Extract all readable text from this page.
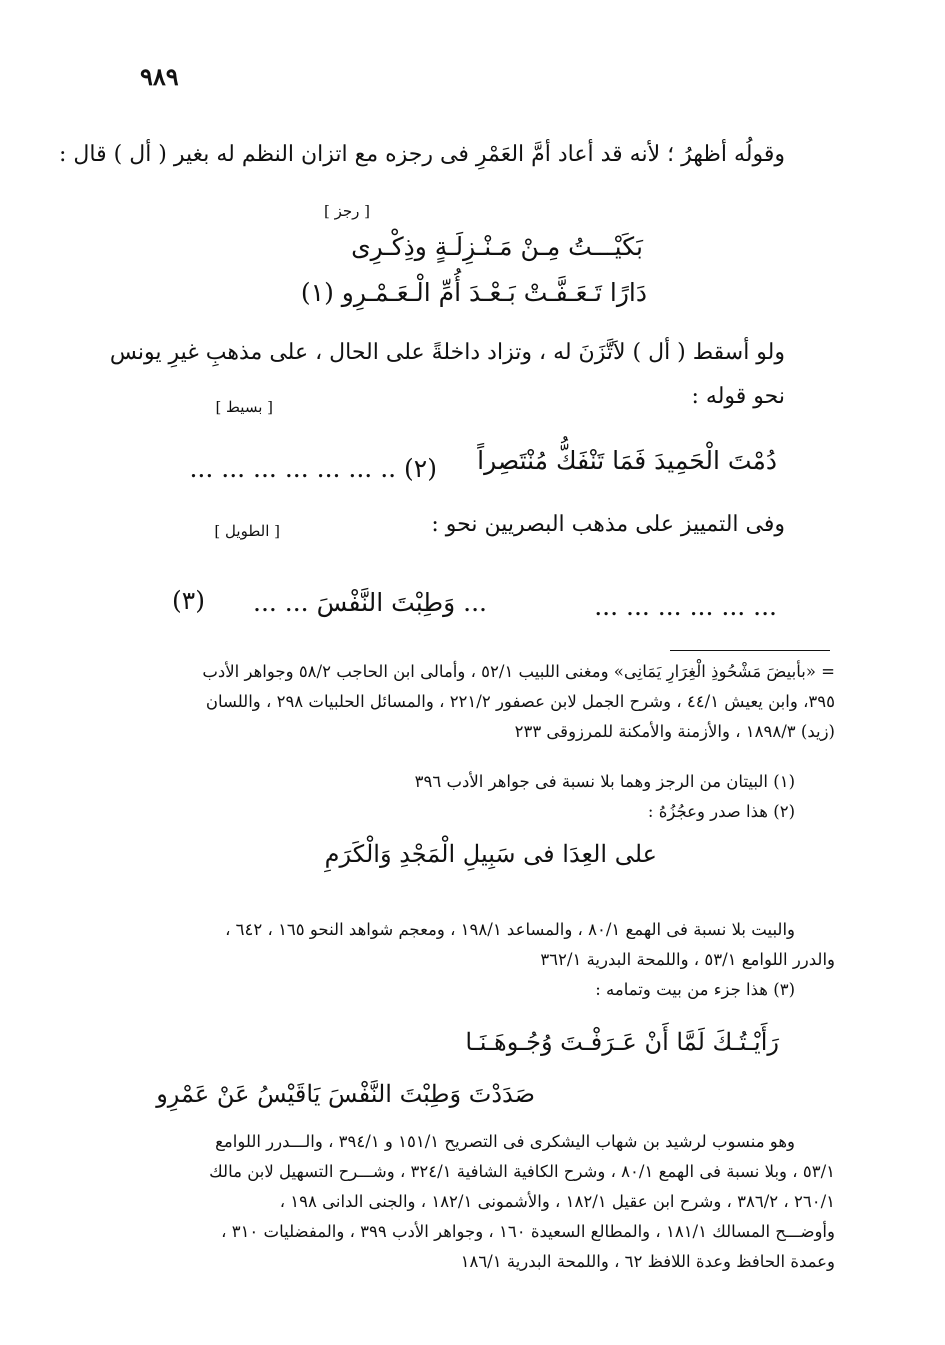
٩٨٩
وقولُه أظهرُ ؛ لأنه قد أعاد أمَّ العَمْرِ فى رجزه مع اتزان النظم له بغير ( أل ) قال :
[ رجز ]
بَكَيْـــتُ مِـنْ مَـنْـزِلَـةٍ وذِكْـرِى
دَارًا تَـعَـفَّـتْ بَـعْـدَ أُمِّ الْـعَـمْـرِو (١)
ولو أسقط ( أل ) لاَتَّزَنَ له ، وتزاد داخلةً على الحال ، على مذهبِ غيرِ يونس
نحو قوله :
[ بسيط ]
دُمْتَ الْحَمِيدَ فَمَا تَنْفَكُّ مُنْتَصِراً
(٢) .. ... ... ... ... ... ...
وفى التمييز على مذهب البصريين نحو :
[ الطويل ]
... وَطِبْتَ النَّفْسَ ... ...	... ... ... ... ... ...
(٣)
= «بأبيضَ مَشْحُوذِ الْغِرَارِ يَمَانِى» ومغنى اللبيب ٥٢/١ ، وأمالى ابن الحاجب ٥٨/٢ وجواهر الأدب
٣٩٥، وابن يعيش ٤٤/١ ، وشرح الجمل لابن عصفور ٢٢١/٢ ، والمسائل الحلبيات ٢٩٨ ، واللسان
(زيد) ١٨٩٨/٣ ، والأزمنة والأمكنة للمرزوقى ٢٣٣
(١) البيتان من الرجز وهما بلا نسبة فى جواهر الأدب ٣٩٦
(٢) هذا صدر وعجُزُهُ :
على العِدَا فى سَبِيلِ الْمَجْدِ وَالْكَرَمِ
والبيت بلا نسبة فى الهمع ٨٠/١ ، والمساعد ١٩٨/١ ، ومعجم شواهد النحو ١٦٥ ، ٦٤٢ ،
والدرر اللوامع ٥٣/١ ، واللمحة البدرية ٣٦٢/١
(٣) هذا جزء من بيت وتمامه :
رَأَيْـتُـكَ لَمَّا أَنْ عَـرَفْـتَ وُجُـوهَـنَـا
صَدَدْتَ وَطِبْتَ النَّفْسَ يَاقَيْسُ عَنْ عَمْرِو
وهو منسوب لرشيد بن شهاب اليشكرى فى التصريح ١٥١/١ و ٣٩٤/١ ، والـــدرر اللوامع
٥٣/١ ، وبلا نسبة فى الهمع ٨٠/١ ، وشرح الكافية الشافية ٣٢٤/١ ، وشـــرح التسهيل لابن مالك
٢٦٠/١ ، ٣٨٦/٢ ، وشرح ابن عقيل ١٨٢/١ ، والأشمونى ١٨٢/١ ، والجنى الدانى ١٩٨ ،
وأوضـــح المسالك ١٨١/١ ، والمطالع السعيدة ١٦٠ ، وجواهر الأدب ٣٩٩ ، والمفضليات ٣١٠ ،
وعمدة الحافظ وعدة اللافظ ٦٢ ، واللمحة البدرية ١٨٦/١
